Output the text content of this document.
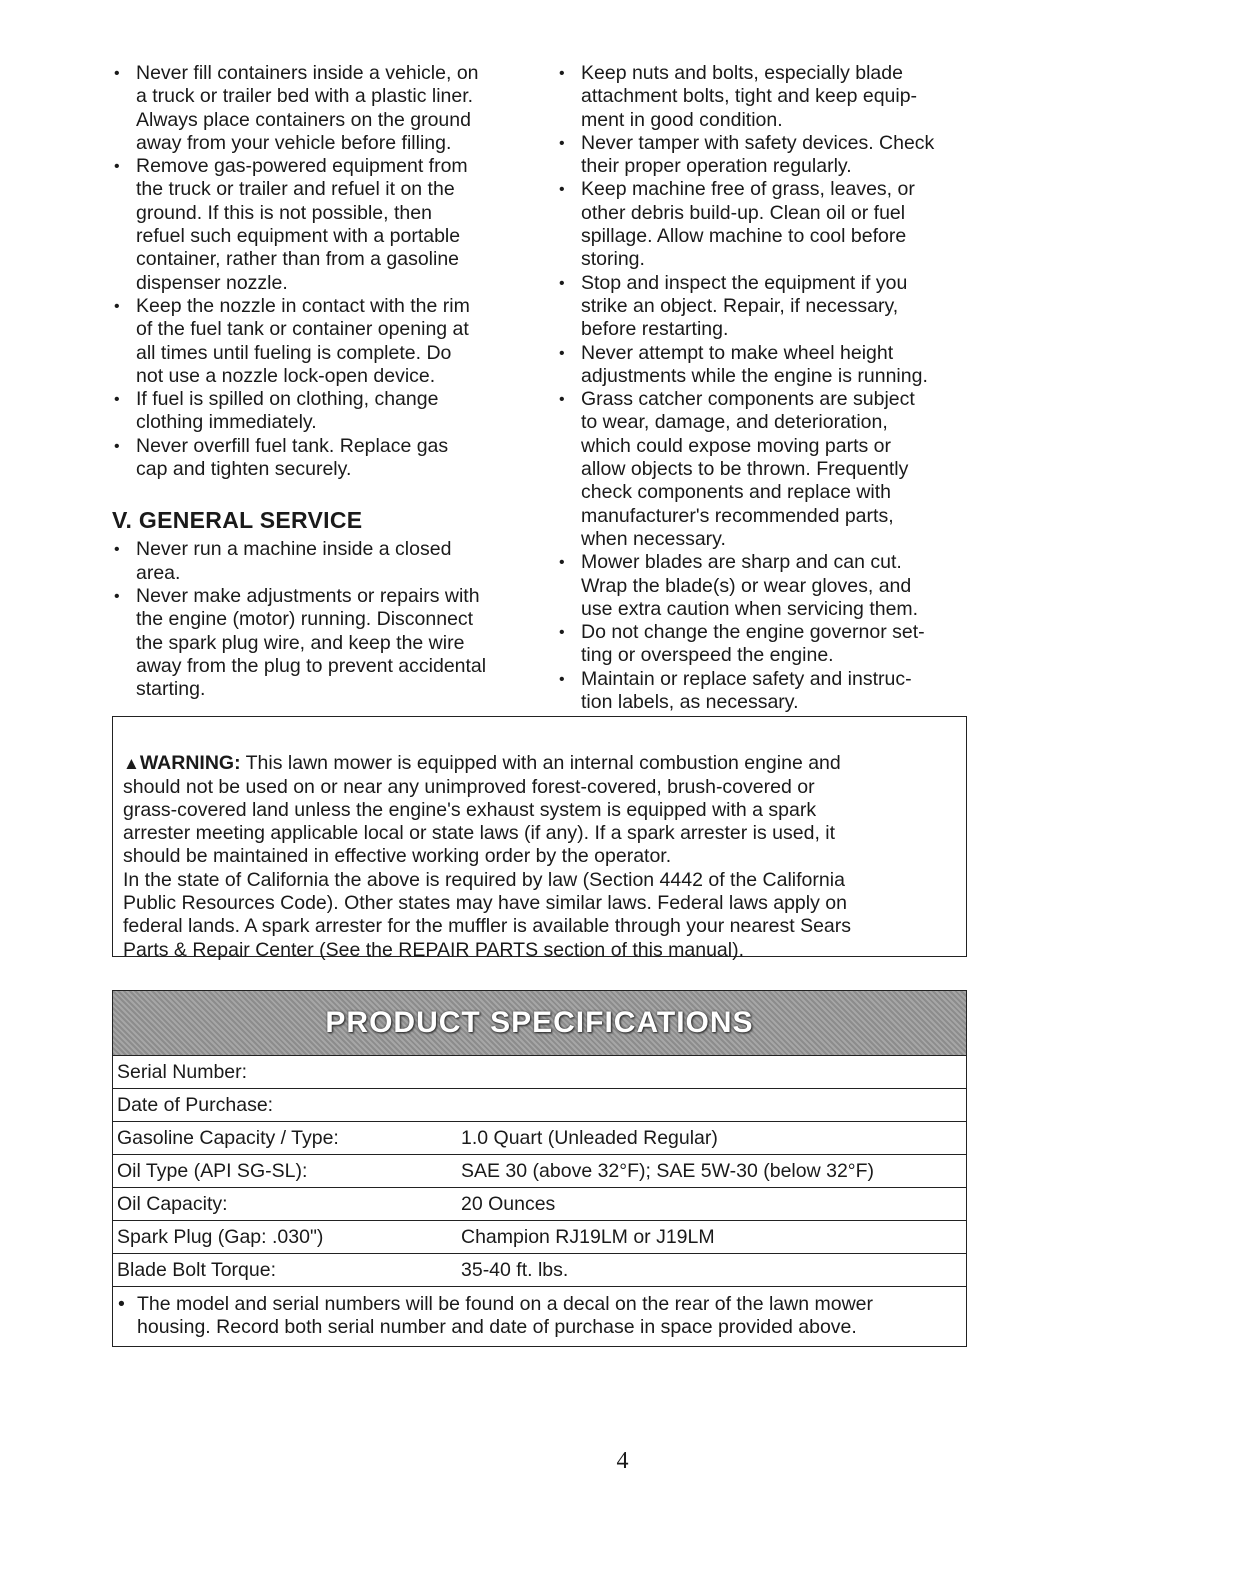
• Never fill containers inside a vehicle, on
a truck or trailer bed with a plastic liner.
Always place containers on the ground
away from your vehicle before filling.
• Remove gas-powered equipment from
the truck or trailer and refuel it on the
ground. If this is not possible, then
refuel such equipment with a portable
container, rather than from a gasoline
dispenser nozzle.
• Keep the nozzle in contact with the rim
of the fuel tank or container opening at
all times until fueling is complete. Do
not use a nozzle lock-open device.
• If fuel is spilled on clothing, change
clothing immediately.
• Never overfill fuel tank. Replace gas
cap and tighten securely.
V. GENERAL SERVICE
• Never run a machine inside a closed
area.
• Never make adjustments or repairs with
the engine (motor) running. Disconnect
the spark plug wire, and keep the wire
away from the plug to prevent accidental
starting.
• Keep nuts and bolts, especially blade
attachment bolts, tight and keep equip-
ment in good condition.
• Never tamper with safety devices. Check
their proper operation regularly.
• Keep machine free of grass, leaves, or
other debris build-up. Clean oil or fuel
spillage. Allow machine to cool before
storing.
• Stop and inspect the equipment if you
strike an object. Repair, if necessary,
before restarting.
• Never attempt to make wheel height
adjustments while the engine is running.
• Grass catcher components are subject
to wear, damage, and deterioration,
which could expose moving parts or
allow objects to be thrown. Frequently
check components and replace with
manufacturer's recommended parts,
when necessary.
• Mower blades are sharp and can cut.
Wrap the blade(s) or wear gloves, and
use extra caution when servicing them.
• Do not change the engine governor set-
ting or overspeed the engine.
• Maintain or replace safety and instruc-
tion labels, as necessary.

▲WARNING: This lawn mower is equipped with an internal combustion engine and
should not be used on or near any unimproved forest-covered, brush-covered or
grass-covered land unless the engine's exhaust system is equipped with a spark
arrester meeting applicable local or state laws (if any). If a spark arrester is used, it
should be maintained in effective working order by the operator.
In the state of California the above is required by law (Section 4442 of the California
Public Resources Code). Other states may have similar laws. Federal laws apply on
federal lands. A spark arrester for the muffler is available through your nearest Sears
Parts & Repair Center (See the REPAIR PARTS section of this manual).

PRODUCT SPECIFICATIONS
Serial Number:
Date of Purchase:
Gasoline Capacity / Type:	1.0 Quart (Unleaded Regular)
Oil Type (API SG-SL):	SAE 30 (above 32°F); SAE 5W-30 (below 32°F)
Oil Capacity:	20 Ounces
Spark Plug (Gap: .030")	Champion RJ19LM or J19LM
Blade Bolt Torque:	35-40 ft. lbs.
• The model and serial numbers will be found on a decal on the rear of the lawn mower
housing. Record both serial number and date of purchase in space provided above.
4
